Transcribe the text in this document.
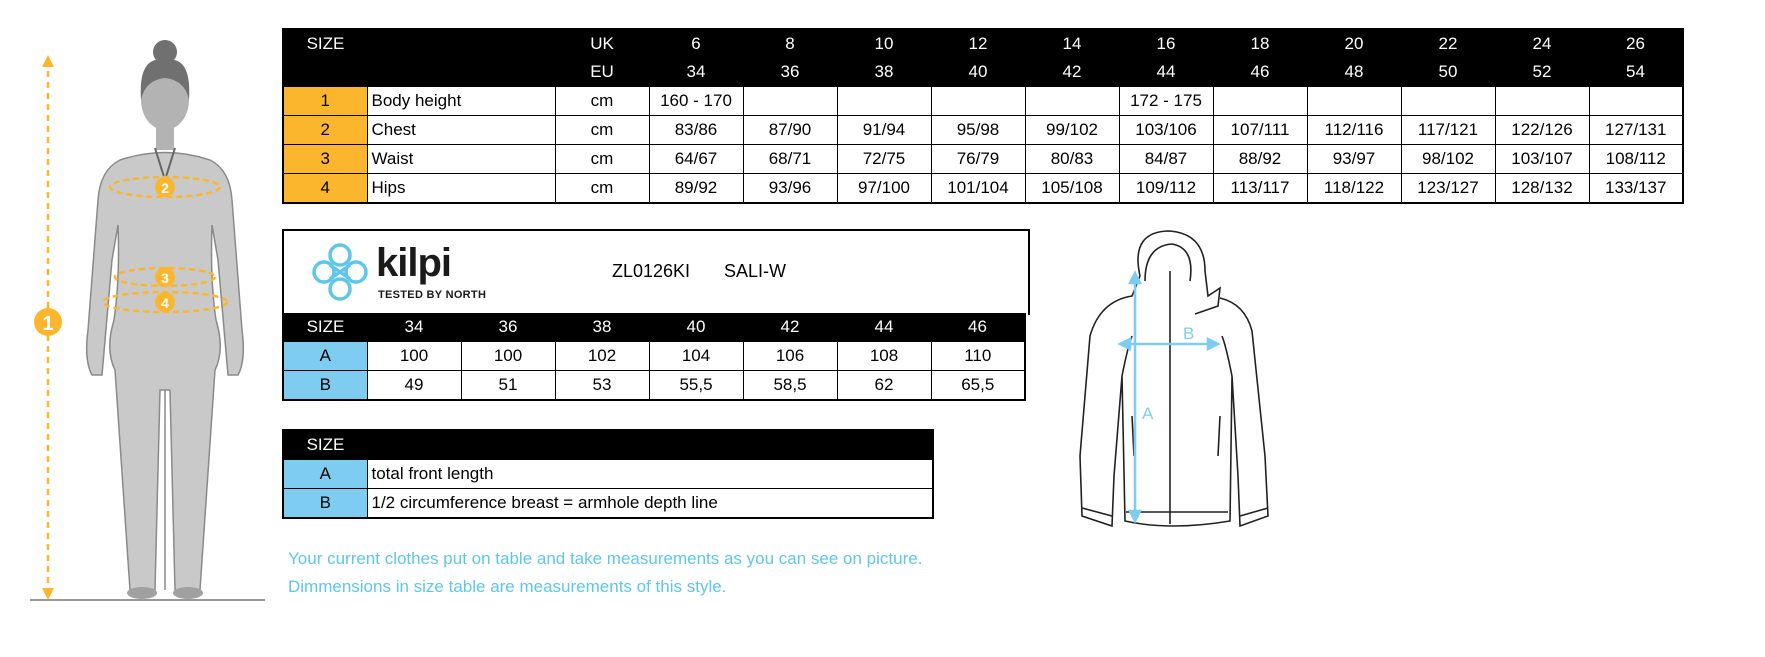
1
2
3
4
SIZE		UK	6	8	10	12	14	16	18	20	22	24	26
		EU	34	36	38	40	42	44	46	48	50	52	54
1	Body height	cm	160 - 170					172 - 175					
2	Chest	cm	83/86	87/90	91/94	95/98	99/102	103/106	107/111	112/116	117/121	122/126	127/131
3	Waist	cm	64/67	68/71	72/75	76/79	80/83	84/87	88/92	93/97	98/102	103/107	108/112
4	Hips	cm	89/92	93/96	97/100	101/104	105/108	109/112	113/117	118/122	123/127	128/132	133/137
kilpi
TESTED BY NORTH
ZL0126KI SALI-W
SIZE	34	36	38	40	42	44	46
A	100	100	102	104	106	108	110
B	49	51	53	55,5	58,5	62	65,5
SIZE	
A	total front length
B	1/2 circumference breast = armhole depth line
Your current clothes put on table and take measurements as you can see on picture.
Dimmensions in size table are measurements of this style.
B
A
